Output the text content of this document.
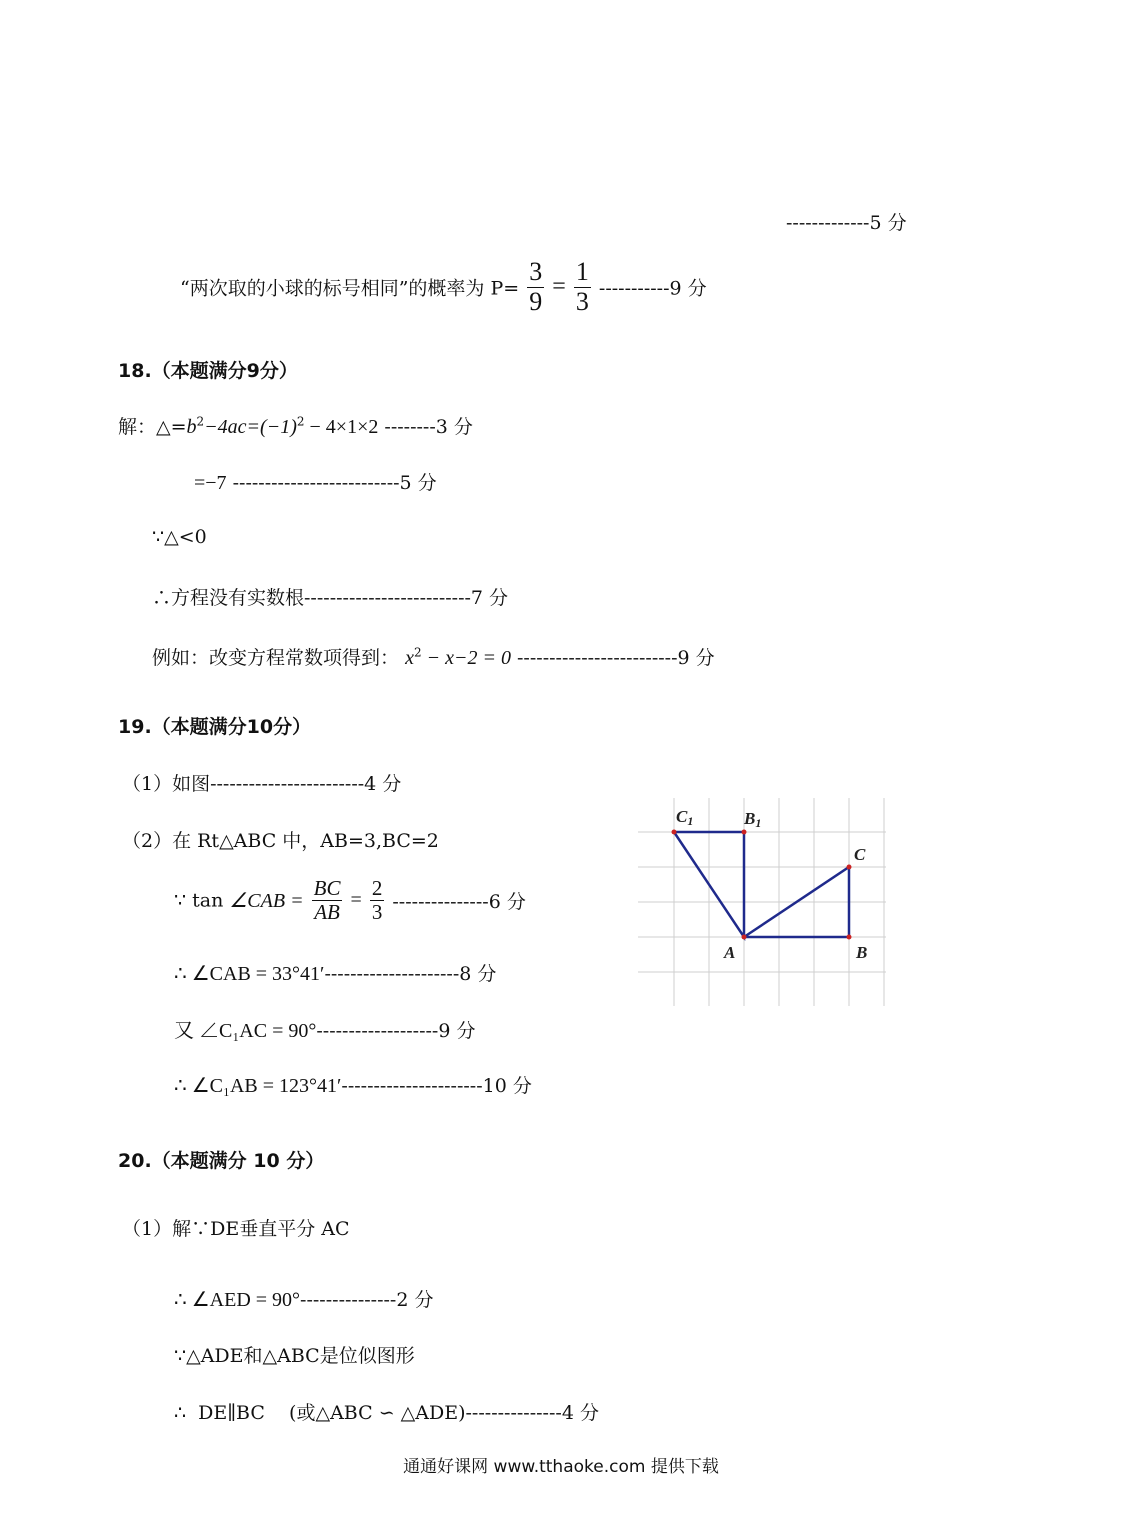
-------------5 分
“两次取的小球的标号相同”的概率为 $P= \frac{3}{9} = \frac{1}{3} -----------9$ 分
18.（本题满分9分）
解：$\triangle=b^2-4ac=(-1)^2 - 4\times 1\times 2$ --------3 分
=−7 --------------------------5 分
∵△<0
∴方程没有实数根--------------------------7 分
例如：改变方程常数项得到： $x^2 - x-2 = 0$ -------------------------9 分
19.（本题满分10分）
（1）如图------------------------4 分
（2）在 Rt△ABC 中，AB=3,BC=2
∵ tan ∠CAB = $\frac{BC}{AB} = \frac{2}{3} ---------------6$ 分
∴ ∠CAB = 33°41′---------------------8 分
又 ∠C₁AC = 90°-------------------9 分
∴ ∠C₁AB = 123°41′----------------------10 分
C1	B1
C
A	B
20.（本题满分 10 分）
（1）解∵DE垂直平分 AC
∴ ∠AED = 90°---------------2 分
∵△ADE和△ABC是位似图形
∴  DE∥BC    (或△ABC ∽ △ADE)---------------4 分
通通好课网 www.tthaoke.com 提供下载
